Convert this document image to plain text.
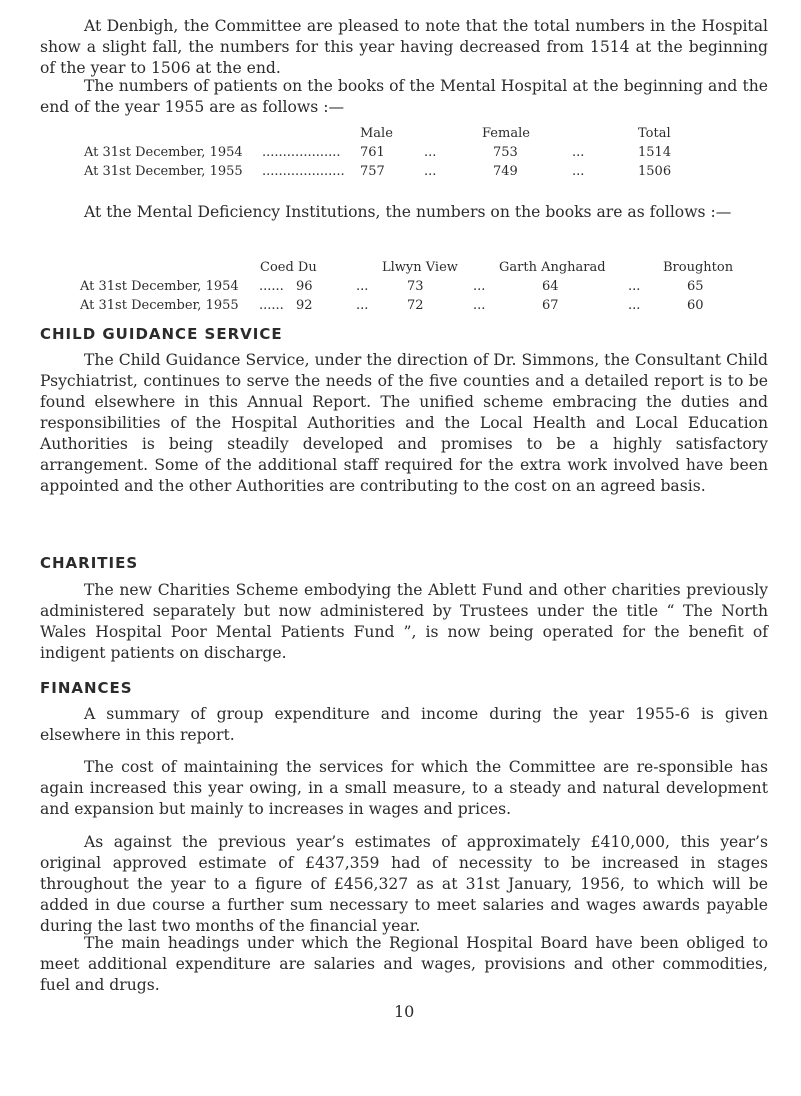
At Denbigh, the Committee are pleased to note that the total numbers in the Hospital show a slight fall, the numbers for this year having decreased from 1514 at the beginning of the year to 1506 at the end.

The numbers of patients on the books of the Mental Hospital at the beginning and the end of the year 1955 are as follows :—

Male	Female	Total
At 31st December, 1954 ................... 761	...	753	...	1514
At 31st December, 1955 .................... 757	...	749	...	1506

At the Mental Deficiency Institutions, the numbers on the books are as follows :—

Coed Du	Llwyn View	Garth Angharad	Broughton
At 31st December, 1954 ...... 96	...	73	...	64	...	65
At 31st December, 1955 ...... 92	...	72	...	67	...	60
CHILD GUIDANCE SERVICE

The Child Guidance Service, under the direction of Dr. Simmons, the Consultant Child Psychiatrist, continues to serve the needs of the five counties and a detailed report is to be found elsewhere in this Annual Report. The unified scheme embracing the duties and responsibilities of the Hospital Authorities and the Local Health and Local Education Authorities is being steadily developed and promises to be a highly satisfactory arrangement. Some of the additional staff required for the extra work involved have been appointed and the other Authorities are contributing to the cost on an agreed basis.

CHARITIES

The new Charities Scheme embodying the Ablett Fund and other charities previously administered separately but now administered by Trustees under the title “ The North Wales Hospital Poor Mental Patients Fund ”, is now being operated for the benefit of indigent patients on discharge.

FINANCES

A summary of group expenditure and income during the year 1955-6 is given elsewhere in this report.

The cost of maintaining the services for which the Committee are re-sponsible has again increased this year owing, in a small measure, to a steady and natural development and expansion but mainly to increases in wages and prices.

As against the previous year’s estimates of approximately £410,000, this year’s original approved estimate of £437,359 had of necessity to be increased in stages throughout the year to a figure of £456,327 as at 31st January, 1956, to which will be added in due course a further sum necessary to meet salaries and wages awards payable during the last two months of the financial year.

The main headings under which the Regional Hospital Board have been obliged to meet additional expenditure are salaries and wages, provisions and other commodities, fuel and drugs.

10
